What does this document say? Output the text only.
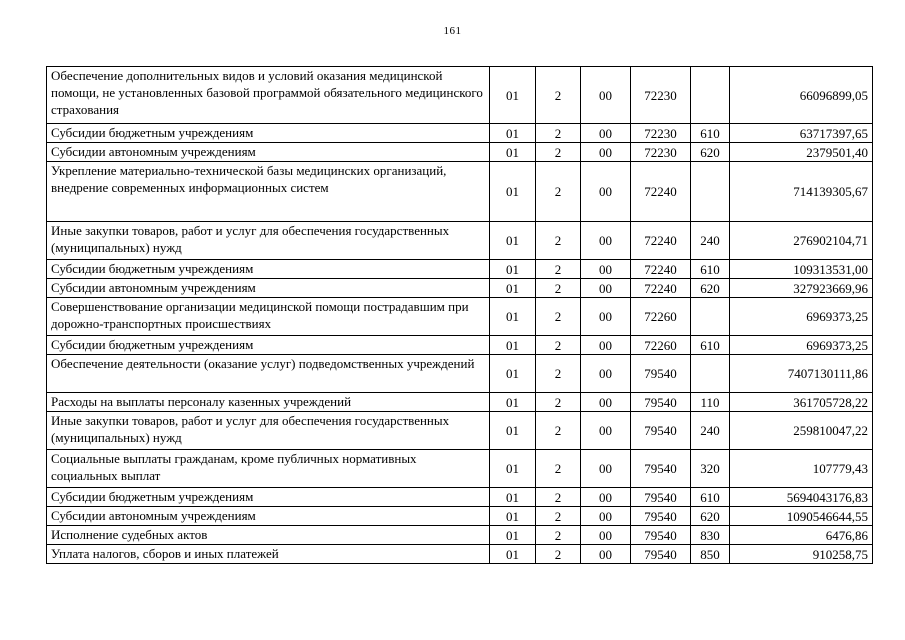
161
Обеспечение дополнительных видов и условий оказания медицинской помощи, не установленных базовой программой обязательного медицинского страхования	01	2	00	72230		66096899,05
Субсидии бюджетным учреждениям	01	2	00	72230	610	63717397,65
Субсидии автономным учреждениям	01	2	00	72230	620	2379501,40
Укрепление материально-технической базы медицинских организаций, внедрение современных информационных систем	01	2	00	72240		714139305,67
Иные закупки товаров, работ и услуг для обеспечения государственных (муниципальных) нужд	01	2	00	72240	240	276902104,71
Субсидии бюджетным учреждениям	01	2	00	72240	610	109313531,00
Субсидии автономным учреждениям	01	2	00	72240	620	327923669,96
Совершенствование организации медицинской помощи пострадавшим при дорожно-транспортных происшествиях	01	2	00	72260		6969373,25
Субсидии бюджетным учреждениям	01	2	00	72260	610	6969373,25
Обеспечение деятельности (оказание услуг) подведомственных учреждений	01	2	00	79540		7407130111,86
Расходы на выплаты персоналу казенных учреждений	01	2	00	79540	110	361705728,22
Иные закупки товаров, работ и услуг для обеспечения государственных (муниципальных) нужд	01	2	00	79540	240	259810047,22
Социальные выплаты гражданам, кроме публичных нормативных социальных выплат	01	2	00	79540	320	107779,43
Субсидии бюджетным учреждениям	01	2	00	79540	610	5694043176,83
Субсидии автономным учреждениям	01	2	00	79540	620	1090546644,55
Исполнение судебных актов	01	2	00	79540	830	6476,86
Уплата налогов, сборов и иных платежей	01	2	00	79540	850	910258,75
